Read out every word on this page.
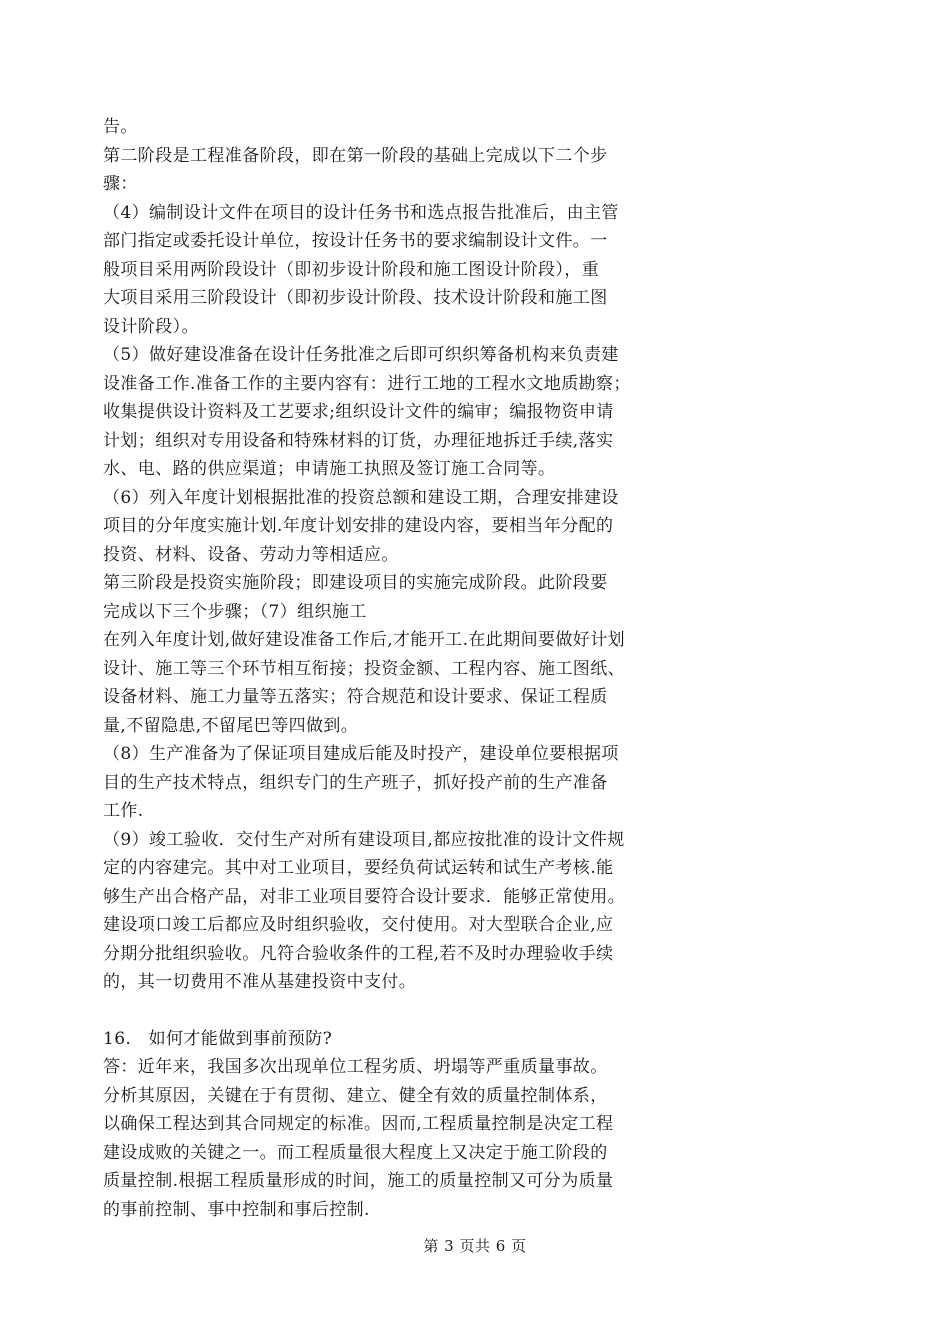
告。
第二阶段是工程准备阶段，即在第一阶段的基础上完成以下二个步
骤：
（4）编制设计文件在项目的设计任务书和选点报告批准后，由主管
部门指定或委托设计单位，按设计任务书的要求编制设计文件。一
般项目采用两阶段设计（即初步设计阶段和施工图设计阶段），重
大项目采用三阶段设计（即初步设计阶段、技术设计阶段和施工图
设计阶段）。
（5）做好建设准备在设计任务批准之后即可织织筹备机构来负责建
设准备工作.准备工作的主要内容有：进行工地的工程水文地质勘察；
收集提供设计资料及工艺要求;组织设计文件的编审；编报物资申请
计划；组织对专用设备和特殊材料的订货，办理征地拆迁手续,落实
水、电、路的供应渠道；申请施工执照及签订施工合同等。
（6）列入年度计划根据批准的投资总额和建设工期，合理安排建设
项目的分年度实施计划.年度计划安排的建设内容，要相当年分配的
投资、材料、设备、劳动力等相适应。
第三阶段是投资实施阶段；即建设项目的实施完成阶段。此阶段要
完成以下三个步骤；（7）组织施工
在列入年度计划,做好建设准备工作后,才能开工.在此期间要做好计划
设计、施工等三个环节相互衔接；投资金额、工程内容、施工图纸、
设备材料、施工力量等五落实；符合规范和设计要求、保证工程质
量,不留隐患,不留尾巴等四做到。
（8）生产准备为了保证项目建成后能及时投产，建设单位要根据项
目的生产技术特点，组织专门的生产班子，抓好投产前的生产准备
工作.
（9）竣工验收．交付生产对所有建设项目,都应按批准的设计文件规
定的内容建完。其中对工业项目，要经负荷试运转和试生产考核.能
够生产出合格产品，对非工业项目要符合设计要求．能够正常使用。
建设项口竣工后都应及时组织验收，交付使用。对大型联合企业,应
分期分批组织验收。凡符合验收条件的工程,若不及时办理验收手续
的，其一切费用不准从基建投资中支付。
16.　如何才能做到事前预防?
答：近年来，我国多次出现单位工程劣质、坍塌等严重质量事故。
分析其原因，关键在于有贯彻、建立、健全有效的质量控制体系，
以确保工程达到其合同规定的标准。因而,工程质量控制是决定工程
建设成败的关键之一。而工程质量很大程度上又决定于施工阶段的
质量控制.根据工程质量形成的时间，施工的质量控制又可分为质量
的事前控制、事中控制和事后控制.
第 3 页共 6 页
